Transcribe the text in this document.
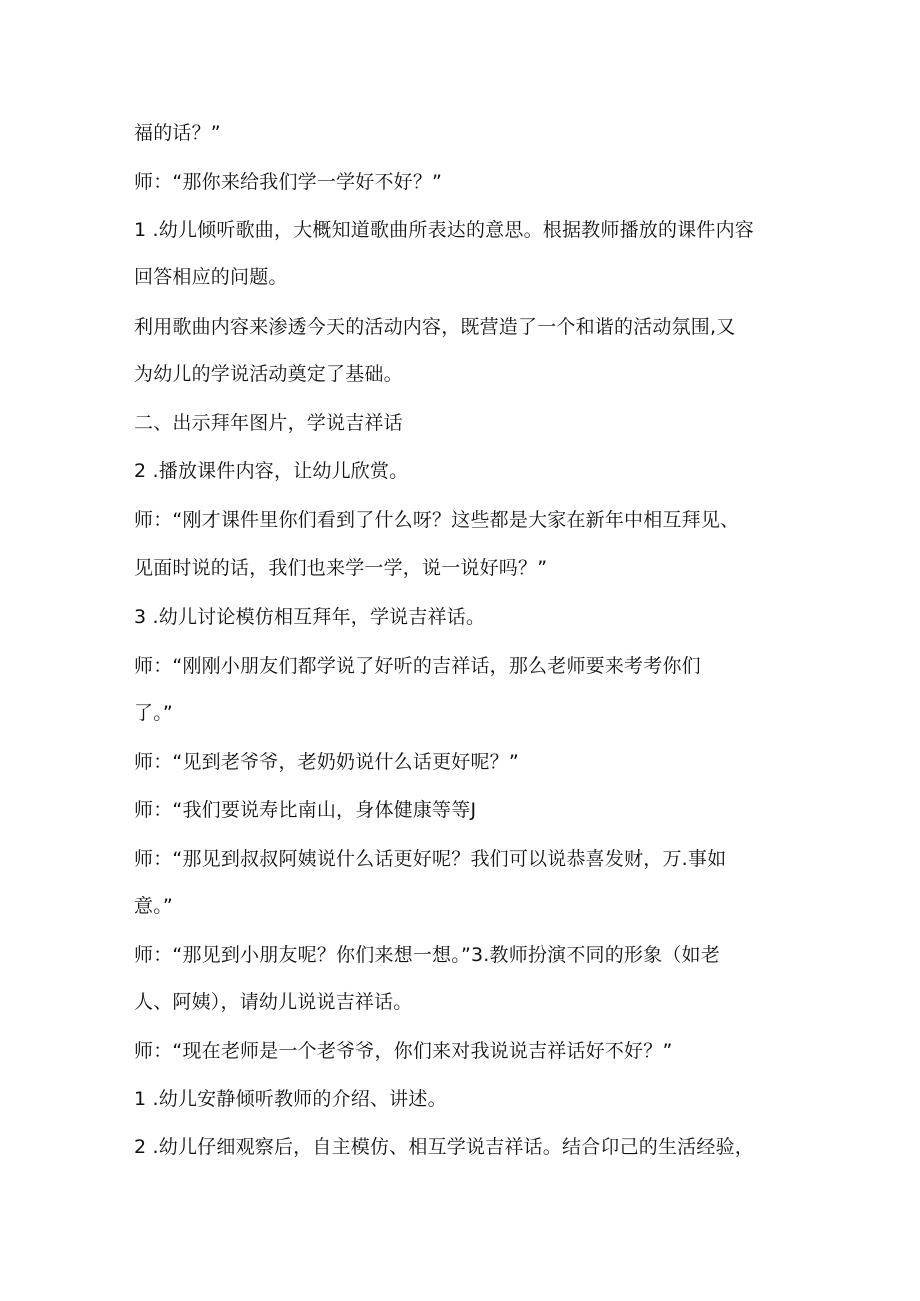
福的话？”

师：“那你来给我们学一学好不好？”

1 .幼儿倾听歌曲，大概知道歌曲所表达的意思。根据教师播放的课件内容

回答相应的问题。

利用歌曲内容来渗透今天的活动内容，既营造了一个和谐的活动氛围,又

为幼儿的学说活动奠定了基础。

二、出示拜年图片，学说吉祥话

2 .播放课件内容，让幼儿欣赏。

师：“刚才课件里你们看到了什么呀？这些都是大家在新年中相互拜见、

见面时说的话，我们也来学一学，说一说好吗？”

3 .幼儿讨论模仿相互拜年，学说吉祥话。

师：“刚刚小朋友们都学说了好听的吉祥话，那么老师要来考考你们

了。”

师：“见到老爷爷，老奶奶说什么话更好呢？”

师：“我们要说寿比南山，身体健康等等J

师：“那见到叔叔阿姨说什么话更好呢？我们可以说恭喜发财，万.事如

意。”

师：“那见到小朋友呢？你们来想一想。”3.教师扮演不同的形象（如老

人、阿姨），请幼儿说说吉祥话。

师：“现在老师是一个老爷爷，你们来对我说说吉祥话好不好？”

1 .幼儿安静倾听教师的介绍、讲述。

2 .幼儿仔细观察后，自主模仿、相互学说吉祥话。结合卬己的生活经验，
